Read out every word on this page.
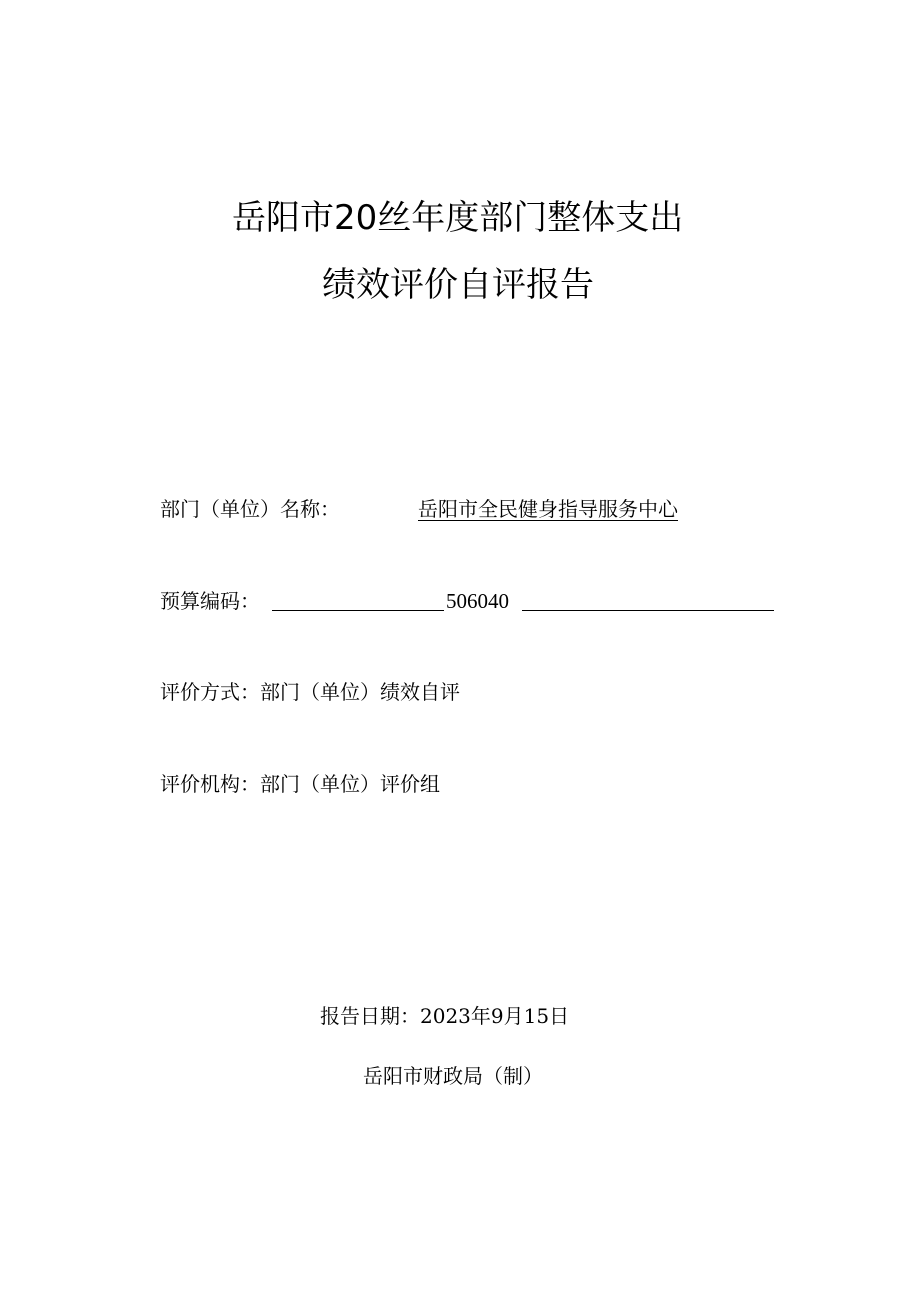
岳阳市20丝年度部门整体支出
绩效评价自评报告
部门（单位）名称：	岳阳市全民健身指导服务中心
预算编码：	506040
评价方式：部门（单位）绩效自评
评价机构：部门（单位）评价组
报告日期：2023年9月15日
岳阳市财政局（制）
